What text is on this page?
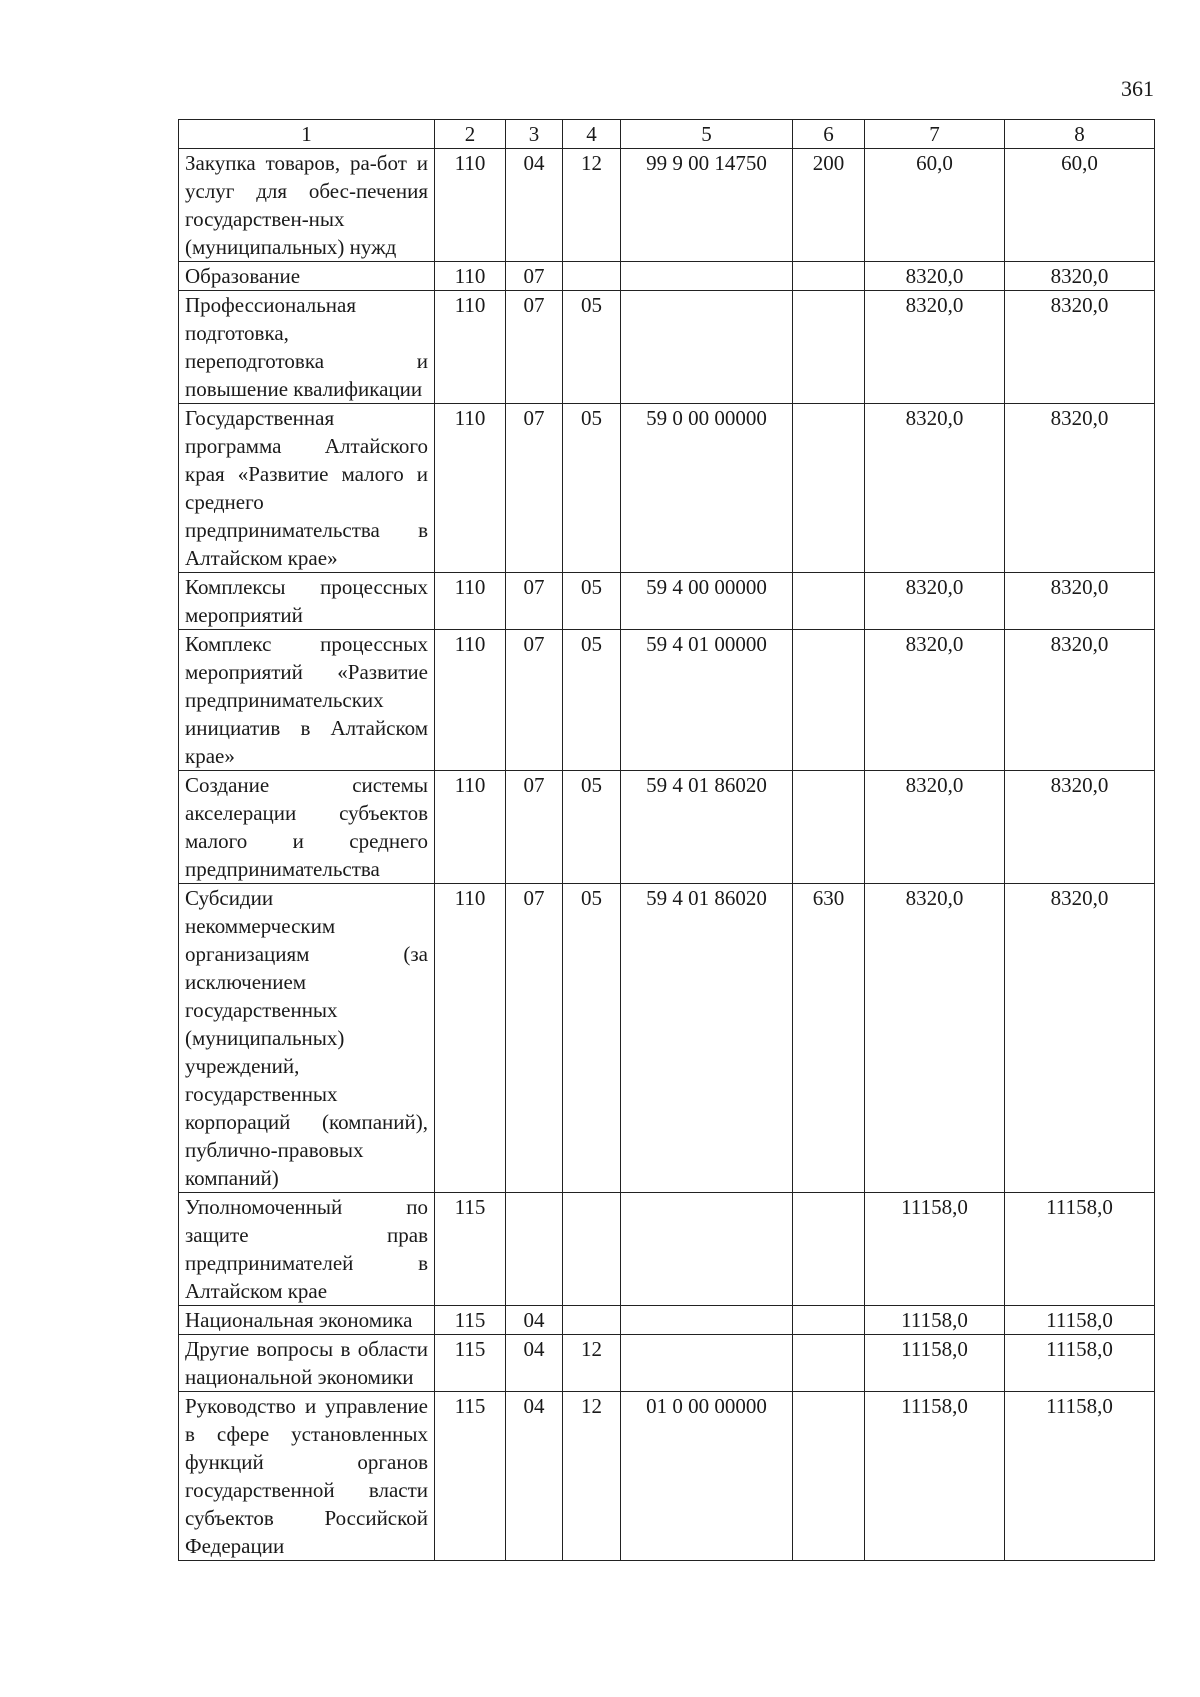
361
1	2	3	4	5	6	7	8
Закупка товаров, ра-бот и услуг для обес-печения государствен-ных (муниципальных) нужд	110	04	12	99 9 00 14750	200	60,0	60,0
Образование	110	07				8320,0	8320,0
Профессиональная подготовка, переподготовка и повышение квалификации	110	07	05			8320,0	8320,0
Государственная программа Алтайского края «Развитие малого и среднего предпринимательства в Алтайском крае»	110	07	05	59 0 00 00000		8320,0	8320,0
Комплексы процессных мероприятий	110	07	05	59 4 00 00000		8320,0	8320,0
Комплекс процессных мероприятий «Развитие предпринимательских инициатив в Алтайском крае»	110	07	05	59 4 01 00000		8320,0	8320,0
Создание системы акселерации субъектов малого и среднего предпринимательства	110	07	05	59 4 01 86020		8320,0	8320,0
Субсидии некоммерческим организациям (за исключением государственных (муниципальных) учреждений, государственных корпораций (компаний), публично-правовых компаний)	110	07	05	59 4 01 86020	630	8320,0	8320,0
Уполномоченный по защите прав предпринимателей в Алтайском крае	115					11158,0	11158,0
Национальная экономика	115	04				11158,0	11158,0
Другие вопросы в области национальной экономики	115	04	12			11158,0	11158,0
Руководство и управление в сфере установленных функций органов государственной власти субъектов Российской Федерации	115	04	12	01 0 00 00000		11158,0	11158,0
